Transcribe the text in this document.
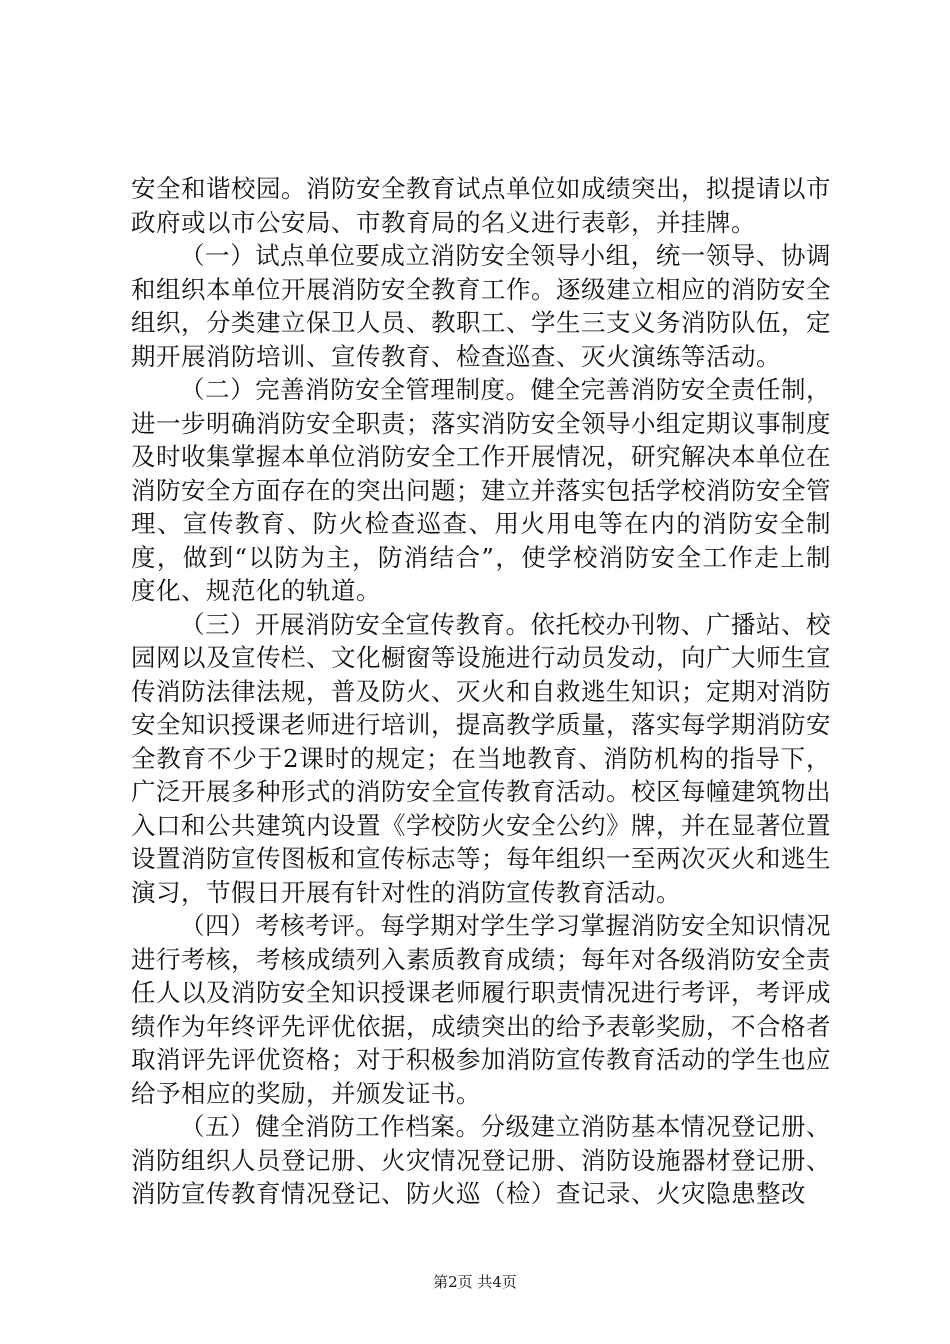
安全和谐校园。消防安全教育试点单位如成绩突出，拟提请以市政府或以市公安局、市教育局的名义进行表彰，并挂牌。

（一）试点单位要成立消防安全领导小组，统一领导、协调和组织本单位开展消防安全教育工作。逐级建立相应的消防安全组织，分类建立保卫人员、教职工、学生三支义务消防队伍，定期开展消防培训、宣传教育、检查巡查、灭火演练等活动。

（二）完善消防安全管理制度。健全完善消防安全责任制，进一步明确消防安全职责；落实消防安全领导小组定期议事制度及时收集掌握本单位消防安全工作开展情况，研究解决本单位在消防安全方面存在的突出问题；建立并落实包括学校消防安全管理、宣传教育、防火检查巡查、用火用电等在内的消防安全制度，做到“以防为主，防消结合”，使学校消防安全工作走上制度化、规范化的轨道。

（三）开展消防安全宣传教育。依托校办刊物、广播站、校园网以及宣传栏、文化橱窗等设施进行动员发动，向广大师生宣传消防法律法规，普及防火、灭火和自救逃生知识；定期对消防安全知识授课老师进行培训，提高教学质量，落实每学期消防安全教育不少于2课时的规定；在当地教育、消防机构的指导下，广泛开展多种形式的消防安全宣传教育活动。校区每幢建筑物出入口和公共建筑内设置《学校防火安全公约》牌，并在显著位置设置消防宣传图板和宣传标志等；每年组织一至两次灭火和逃生演习，节假日开展有针对性的消防宣传教育活动。

（四）考核考评。每学期对学生学习掌握消防安全知识情况进行考核，考核成绩列入素质教育成绩；每年对各级消防安全责任人以及消防安全知识授课老师履行职责情况进行考评，考评成绩作为年终评先评优依据，成绩突出的给予表彰奖励，不合格者取消评先评优资格；对于积极参加消防宣传教育活动的学生也应给予相应的奖励，并颁发证书。

（五）健全消防工作档案。分级建立消防基本情况登记册、消防组织人员登记册、火灾情况登记册、消防设施器材登记册、消防宣传教育情况登记、防火巡（检）查记录、火灾隐患整改

第2页 共4页
